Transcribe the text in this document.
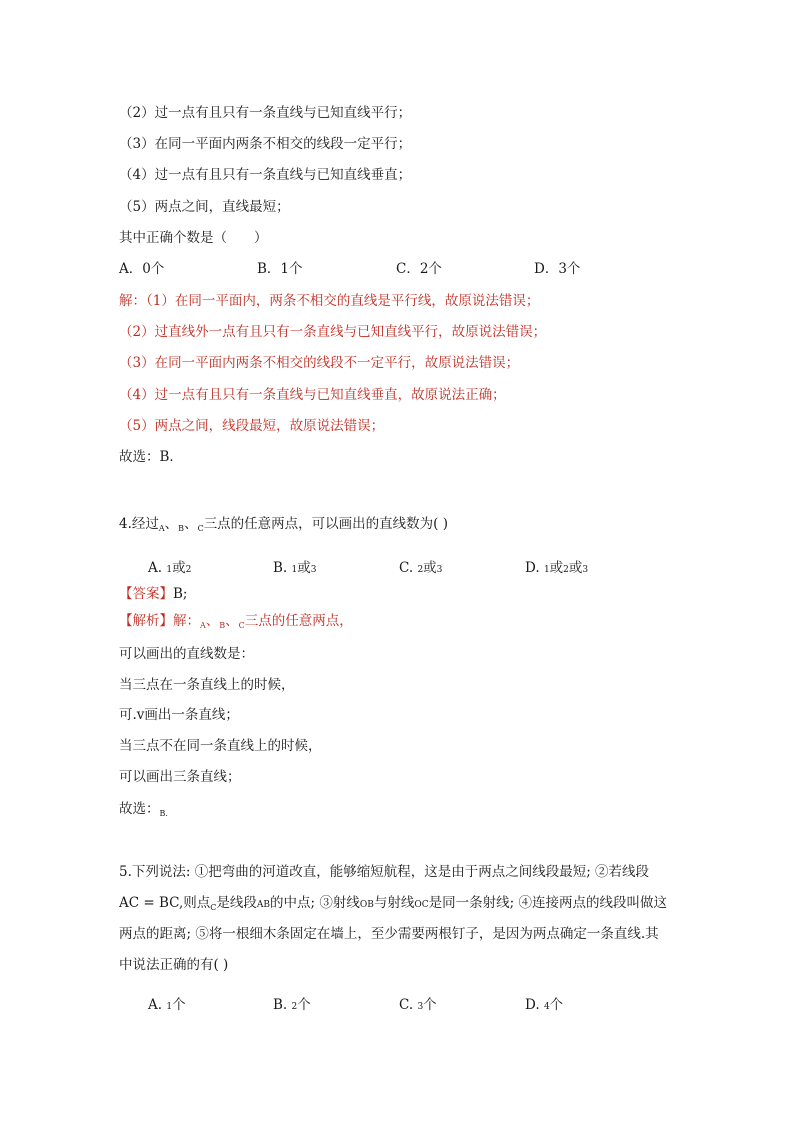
（2）过一点有且只有一条直线与已知直线平行；
（3）在同一平面内两条不相交的线段一定平行；
（4）过一点有且只有一条直线与已知直线垂直；
（5）两点之间，直线最短；
其中正确个数是（　　）
A．0个	B．1个	C．2个	D．3个
解：（1）在同一平面内，两条不相交的直线是平行线，故原说法错误；
（2）过直线外一点有且只有一条直线与已知直线平行，故原说法错误；
（3）在同一平面内两条不相交的线段不一定平行，故原说法错误；
（4）过一点有且只有一条直线与已知直线垂直，故原说法正确；
（5）两点之间，线段最短，故原说法错误；
故选：B．
4.经过$_A$、$_B$、$_C$三点的任意两点，可以画出的直线数为( )
A. 1或2	B. 1或3	C. 2或3	D. 1或2或3
【答案】B;
【解析】解：$_A$、$_B$、$_C$三点的任意两点，
可以画出的直线数是：
当三点在一条直线上的时候，
可.v画出一条直线；
当三点不在同一条直线上的时候，
可以画出三条直线；
故选：$_{B.}$
5.下列说法: ①把弯曲的河道改直，能够缩短航程，这是由于两点之间线段最短; ②若线段
AC = BC,则点$_C$是线段AB的中点; ③射线OB与射线OC是同一条射线; ④连接两点的线段叫做这
两点的距离; ⑤将一根细木条固定在墙上，至少需要两根钉子，是因为两点确定一条直线.其
中说法正确的有( )
A. 1个	B. 2个	C. 3个	D. 4个
